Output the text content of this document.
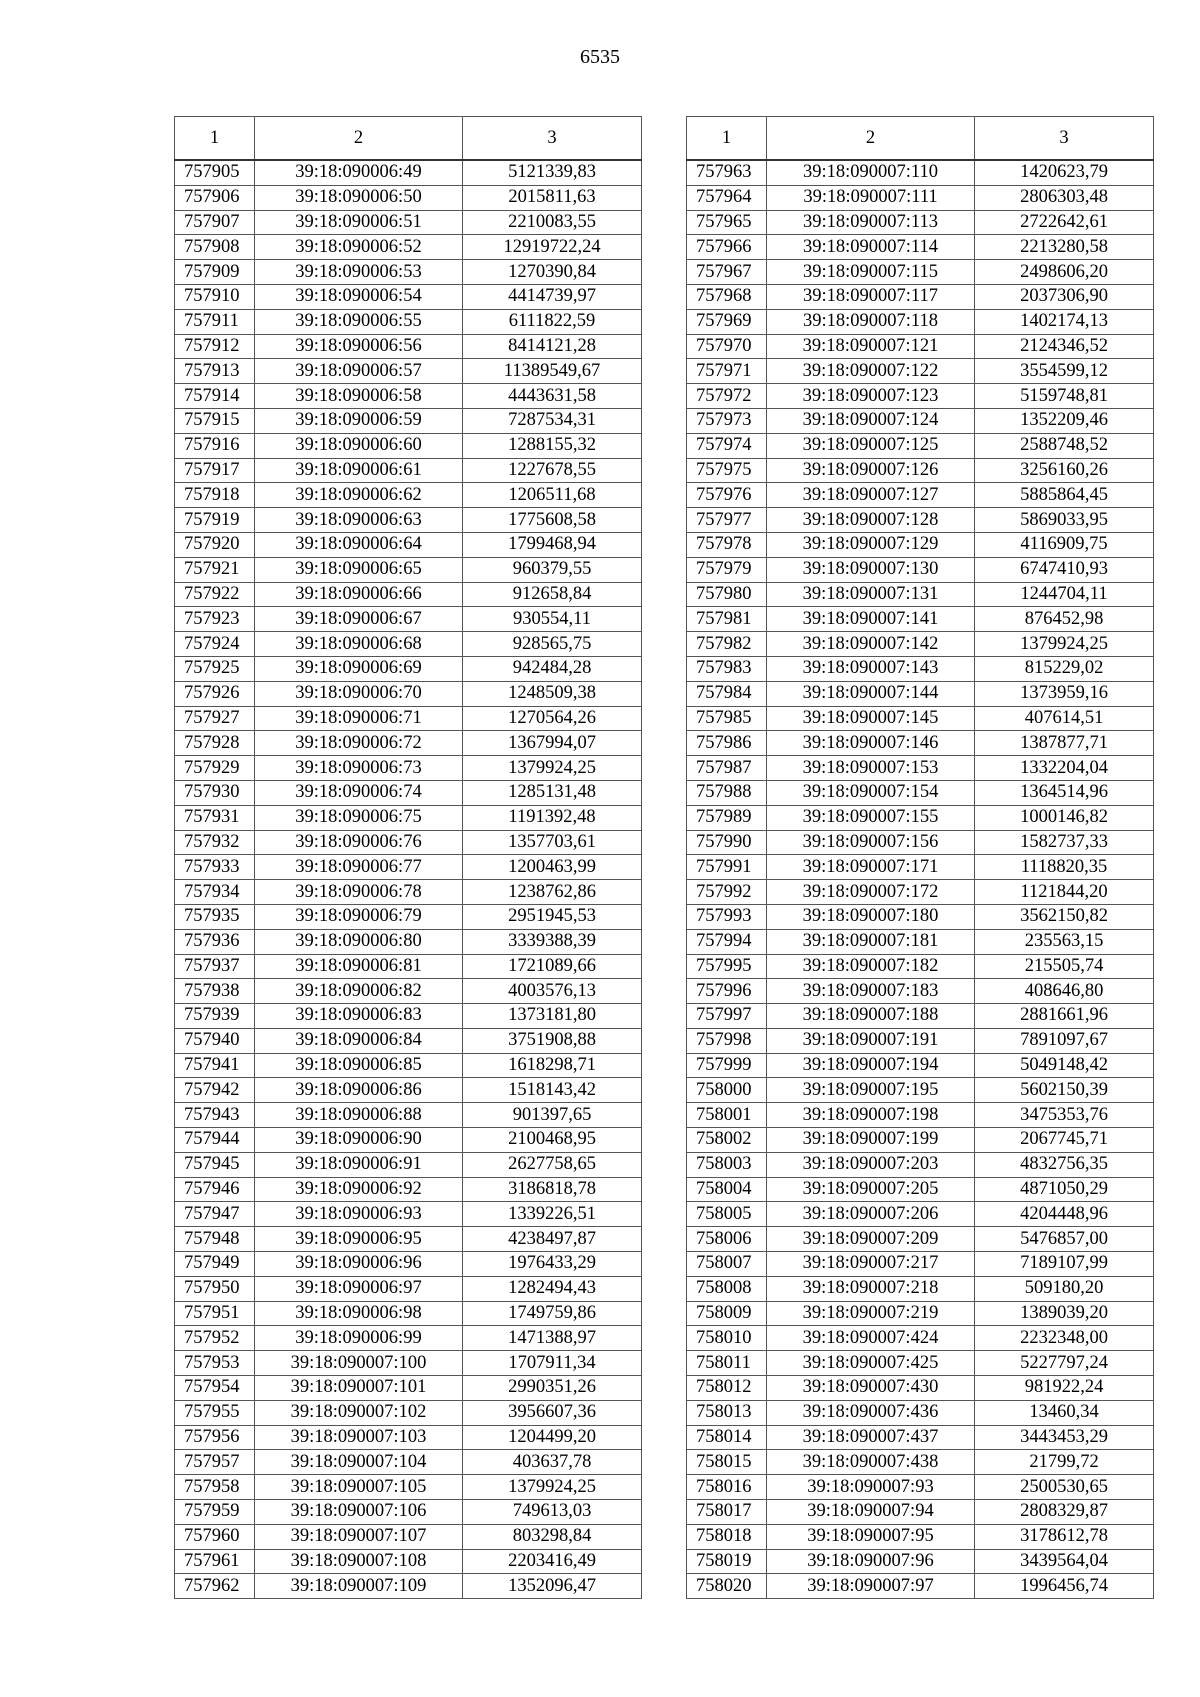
6535
1	2	3
757905	39:18:090006:49	5121339,83
757906	39:18:090006:50	2015811,63
757907	39:18:090006:51	2210083,55
757908	39:18:090006:52	12919722,24
757909	39:18:090006:53	1270390,84
757910	39:18:090006:54	4414739,97
757911	39:18:090006:55	6111822,59
757912	39:18:090006:56	8414121,28
757913	39:18:090006:57	11389549,67
757914	39:18:090006:58	4443631,58
757915	39:18:090006:59	7287534,31
757916	39:18:090006:60	1288155,32
757917	39:18:090006:61	1227678,55
757918	39:18:090006:62	1206511,68
757919	39:18:090006:63	1775608,58
757920	39:18:090006:64	1799468,94
757921	39:18:090006:65	960379,55
757922	39:18:090006:66	912658,84
757923	39:18:090006:67	930554,11
757924	39:18:090006:68	928565,75
757925	39:18:090006:69	942484,28
757926	39:18:090006:70	1248509,38
757927	39:18:090006:71	1270564,26
757928	39:18:090006:72	1367994,07
757929	39:18:090006:73	1379924,25
757930	39:18:090006:74	1285131,48
757931	39:18:090006:75	1191392,48
757932	39:18:090006:76	1357703,61
757933	39:18:090006:77	1200463,99
757934	39:18:090006:78	1238762,86
757935	39:18:090006:79	2951945,53
757936	39:18:090006:80	3339388,39
757937	39:18:090006:81	1721089,66
757938	39:18:090006:82	4003576,13
757939	39:18:090006:83	1373181,80
757940	39:18:090006:84	3751908,88
757941	39:18:090006:85	1618298,71
757942	39:18:090006:86	1518143,42
757943	39:18:090006:88	901397,65
757944	39:18:090006:90	2100468,95
757945	39:18:090006:91	2627758,65
757946	39:18:090006:92	3186818,78
757947	39:18:090006:93	1339226,51
757948	39:18:090006:95	4238497,87
757949	39:18:090006:96	1976433,29
757950	39:18:090006:97	1282494,43
757951	39:18:090006:98	1749759,86
757952	39:18:090006:99	1471388,97
757953	39:18:090007:100	1707911,34
757954	39:18:090007:101	2990351,26
757955	39:18:090007:102	3956607,36
757956	39:18:090007:103	1204499,20
757957	39:18:090007:104	403637,78
757958	39:18:090007:105	1379924,25
757959	39:18:090007:106	749613,03
757960	39:18:090007:107	803298,84
757961	39:18:090007:108	2203416,49
757962	39:18:090007:109	1352096,47
1	2	3
757963	39:18:090007:110	1420623,79
757964	39:18:090007:111	2806303,48
757965	39:18:090007:113	2722642,61
757966	39:18:090007:114	2213280,58
757967	39:18:090007:115	2498606,20
757968	39:18:090007:117	2037306,90
757969	39:18:090007:118	1402174,13
757970	39:18:090007:121	2124346,52
757971	39:18:090007:122	3554599,12
757972	39:18:090007:123	5159748,81
757973	39:18:090007:124	1352209,46
757974	39:18:090007:125	2588748,52
757975	39:18:090007:126	3256160,26
757976	39:18:090007:127	5885864,45
757977	39:18:090007:128	5869033,95
757978	39:18:090007:129	4116909,75
757979	39:18:090007:130	6747410,93
757980	39:18:090007:131	1244704,11
757981	39:18:090007:141	876452,98
757982	39:18:090007:142	1379924,25
757983	39:18:090007:143	815229,02
757984	39:18:090007:144	1373959,16
757985	39:18:090007:145	407614,51
757986	39:18:090007:146	1387877,71
757987	39:18:090007:153	1332204,04
757988	39:18:090007:154	1364514,96
757989	39:18:090007:155	1000146,82
757990	39:18:090007:156	1582737,33
757991	39:18:090007:171	1118820,35
757992	39:18:090007:172	1121844,20
757993	39:18:090007:180	3562150,82
757994	39:18:090007:181	235563,15
757995	39:18:090007:182	215505,74
757996	39:18:090007:183	408646,80
757997	39:18:090007:188	2881661,96
757998	39:18:090007:191	7891097,67
757999	39:18:090007:194	5049148,42
758000	39:18:090007:195	5602150,39
758001	39:18:090007:198	3475353,76
758002	39:18:090007:199	2067745,71
758003	39:18:090007:203	4832756,35
758004	39:18:090007:205	4871050,29
758005	39:18:090007:206	4204448,96
758006	39:18:090007:209	5476857,00
758007	39:18:090007:217	7189107,99
758008	39:18:090007:218	509180,20
758009	39:18:090007:219	1389039,20
758010	39:18:090007:424	2232348,00
758011	39:18:090007:425	5227797,24
758012	39:18:090007:430	981922,24
758013	39:18:090007:436	13460,34
758014	39:18:090007:437	3443453,29
758015	39:18:090007:438	21799,72
758016	39:18:090007:93	2500530,65
758017	39:18:090007:94	2808329,87
758018	39:18:090007:95	3178612,78
758019	39:18:090007:96	3439564,04
758020	39:18:090007:97	1996456,74
